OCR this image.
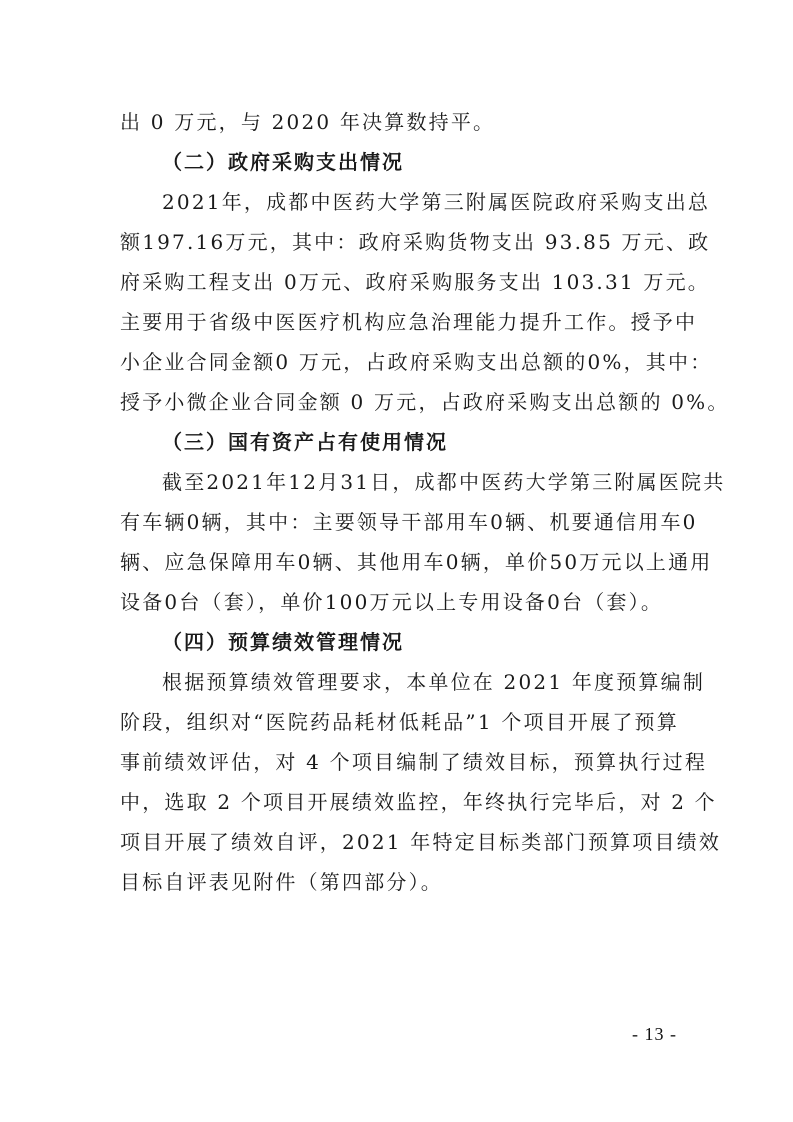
出 0 万元，与 2020 年决算数持平。
（二）政府采购支出情况
2021年，成都中医药大学第三附属医院政府采购支出总
额197.16万元，其中：政府采购货物支出 93.85 万元、政
府采购工程支出 0万元、政府采购服务支出 103.31 万元。
主要用于省级中医医疗机构应急治理能力提升工作。授予中
小企业合同金额0 万元，占政府采购支出总额的0%，其中：
授予小微企业合同金额 0 万元，占政府采购支出总额的 0%。
（三）国有资产占有使用情况
截至2021年12月31日，成都中医药大学第三附属医院共
有车辆0辆，其中：主要领导干部用车0辆、机要通信用车0
辆、应急保障用车0辆、其他用车0辆，单价50万元以上通用
设备0台（套），单价100万元以上专用设备0台（套）。
（四）预算绩效管理情况
根据预算绩效管理要求，本单位在 2021 年度预算编制
阶段，组织对“医院药品耗材低耗品”1 个项目开展了预算
事前绩效评估，对 4 个项目编制了绩效目标，预算执行过程
中，选取 2 个项目开展绩效监控，年终执行完毕后，对 2 个
项目开展了绩效自评，2021 年特定目标类部门预算项目绩效
目标自评表见附件（第四部分）。
- 13 -
